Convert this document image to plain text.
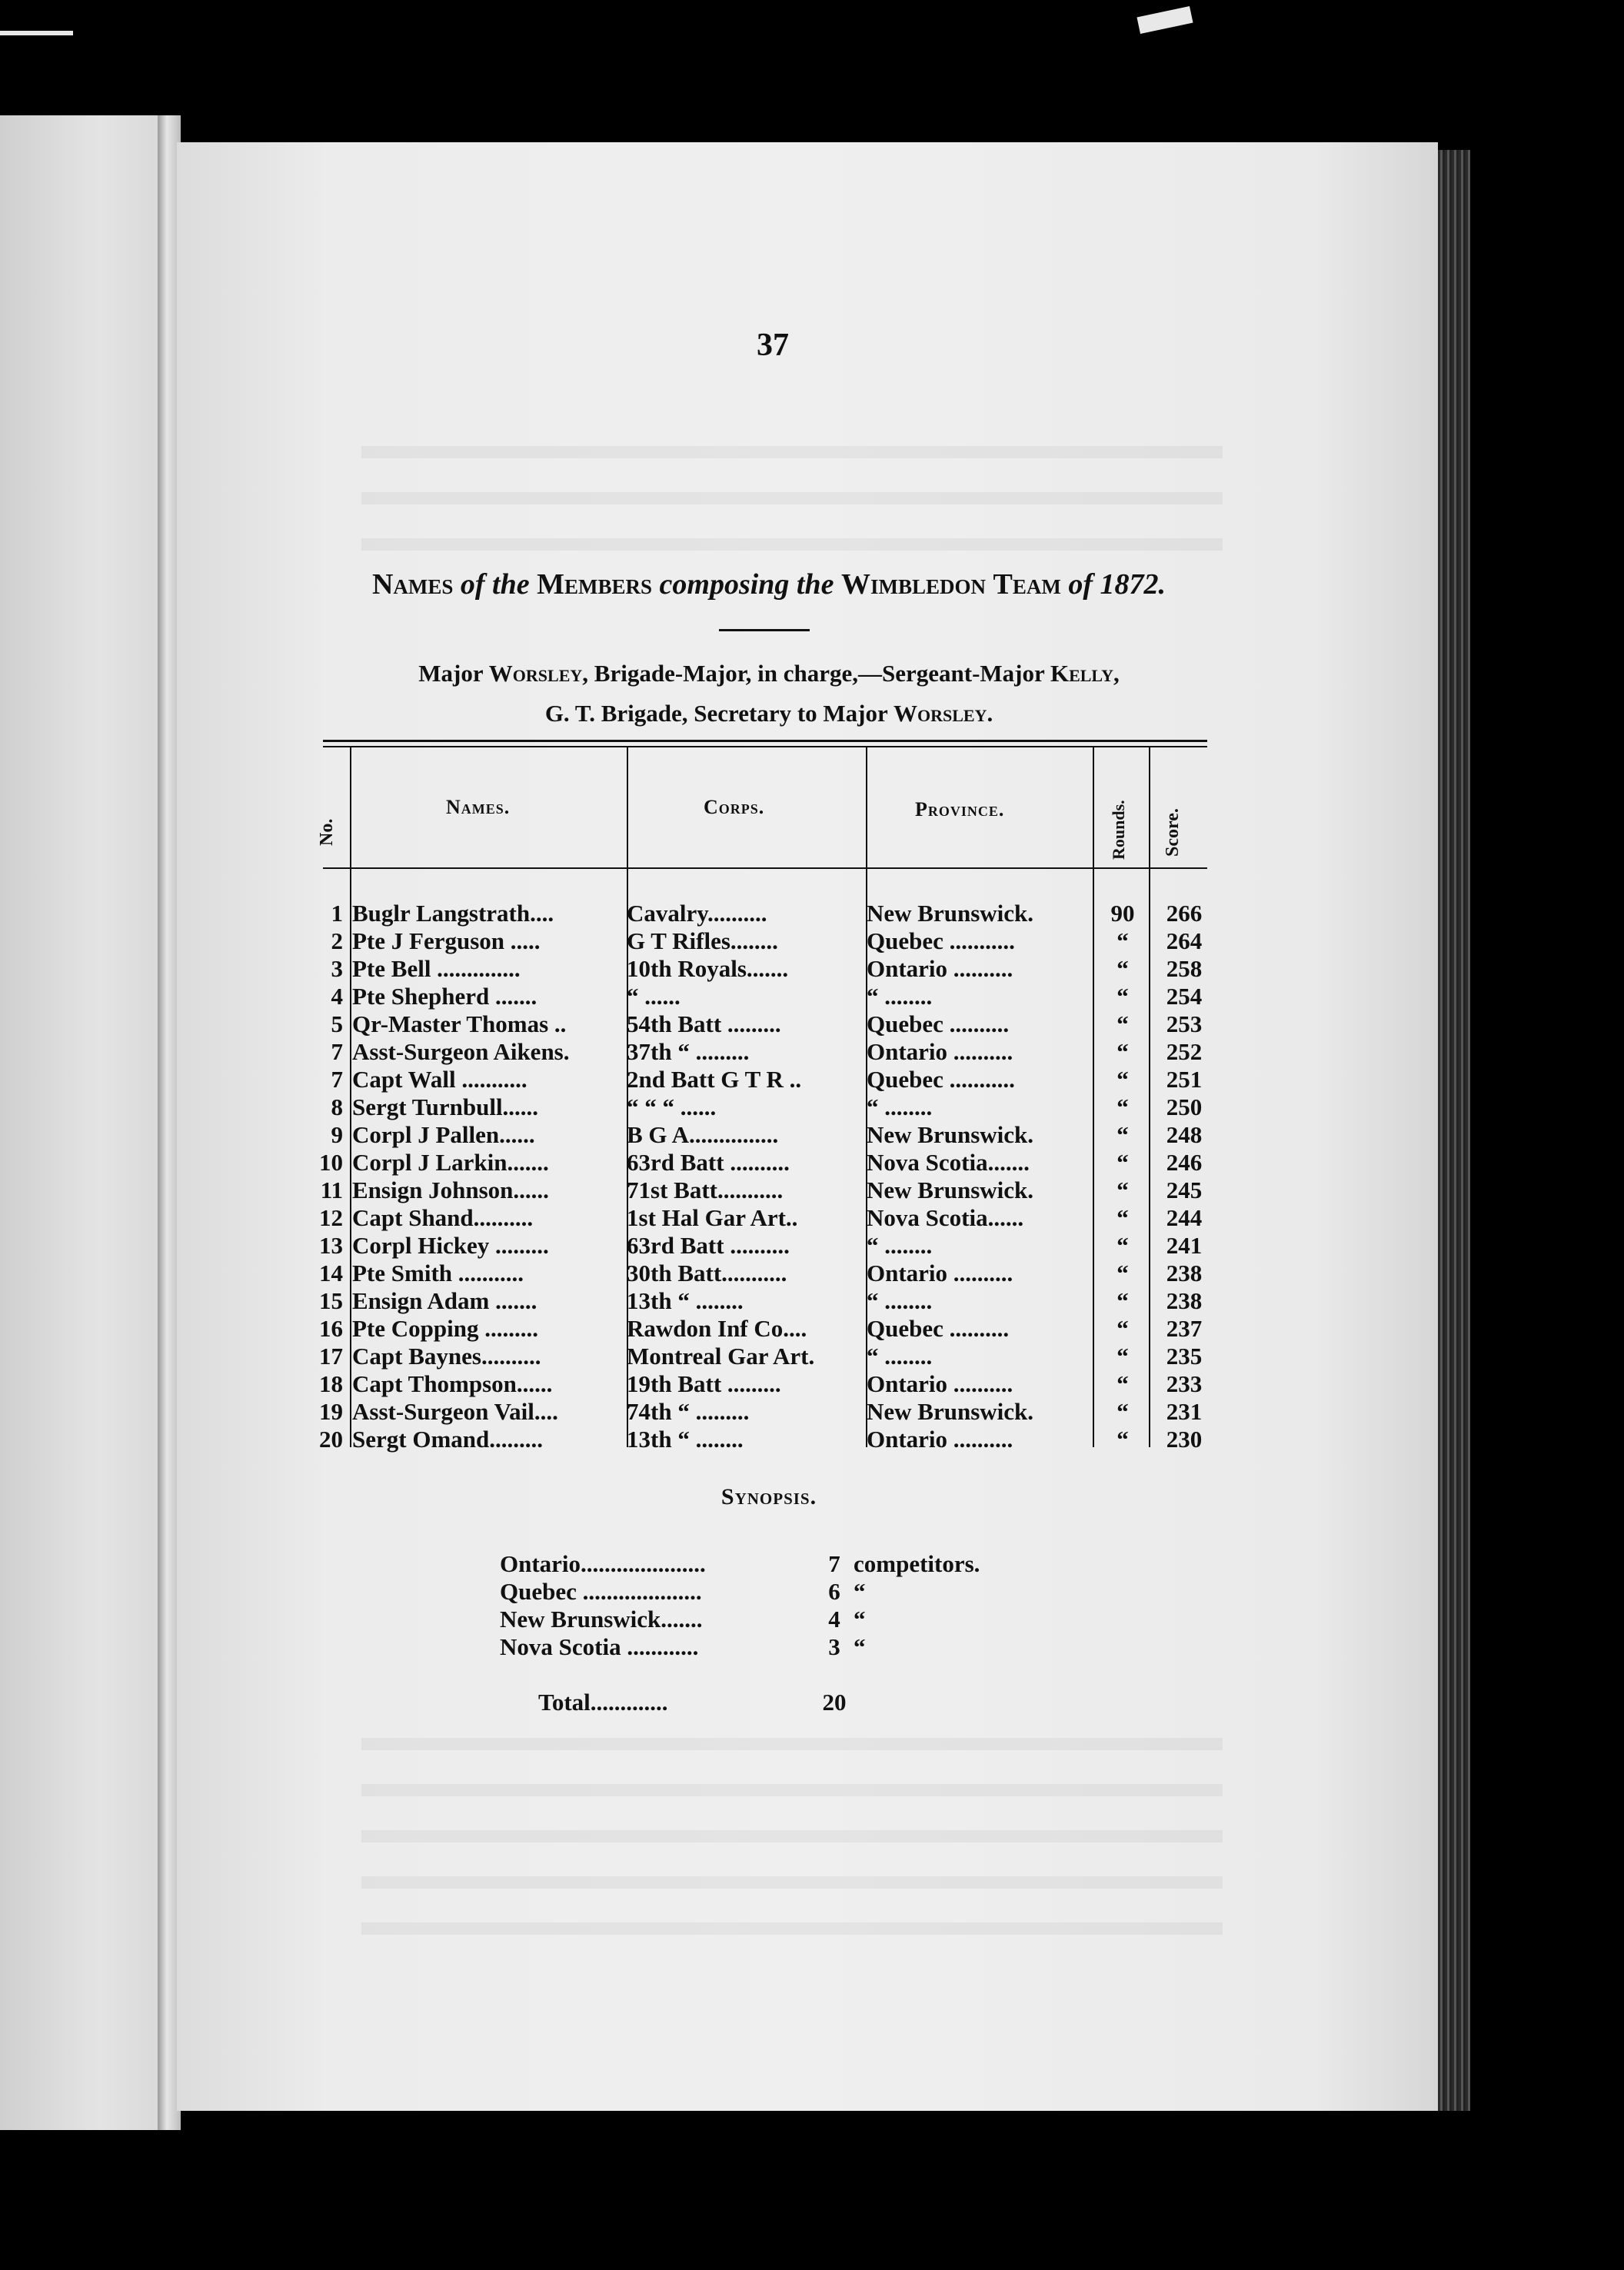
37
Names of the Members composing the Wimbledon Team of 1872.
Major Worsley, Brigade-Major, in charge,—Sergeant-Major Kelly,
G. T. Brigade, Secretary to Major Worsley.
No.
Names.	Corps.	Province.	Rounds. Score.
1 Buglr Langstrath....	Cavalry..........	New Brunswick.	90	266
2 Pte J Ferguson .....	G T Rifles........	Quebec ...........	“	264
3 Pte Bell ..............	10th Royals.......	Ontario ..........	“	258
4 Pte Shepherd .......	“ ......	“ ........	“	254
5 Qr-Master Thomas ..	54th Batt .........	Quebec ..........	“	253
7 Asst-Surgeon Aikens.	37th “ .........	Ontario ..........	“	252
7 Capt Wall ...........	2nd Batt G T R ..	Quebec ...........	“	251
8 Sergt Turnbull......	“ “ “ ......	“ ........	“	250
9 Corpl J Pallen......	B G A...............	New Brunswick.	“	248
10 Corpl J Larkin.......	63rd Batt ..........	Nova Scotia.......	“	246
11 Ensign Johnson......	71st Batt...........	New Brunswick.	“	245
12 Capt Shand..........	1st Hal Gar Art..	Nova Scotia......	“	244
13 Corpl Hickey .........	63rd Batt ..........	“ ........	“	241
14 Pte Smith ...........	30th Batt...........	Ontario ..........	“	238
15 Ensign Adam .......	13th “ ........	“ ........	“	238
16 Pte Copping .........	Rawdon Inf Co....	Quebec ..........	“	237
17 Capt Baynes..........	Montreal Gar Art.	“ ........	“	235
18 Capt Thompson......	19th Batt .........	Ontario ..........	“	233
19 Asst-Surgeon Vail....	74th “ .........	New Brunswick.	“	231
20 Sergt Omand.........	13th “ ........	Ontario ..........	“	230
Synopsis.
Ontario.....................	7 competitors.
Quebec ....................	6 “
New Brunswick.......	4 “
Nova Scotia ............	3 “
Total.............	20
